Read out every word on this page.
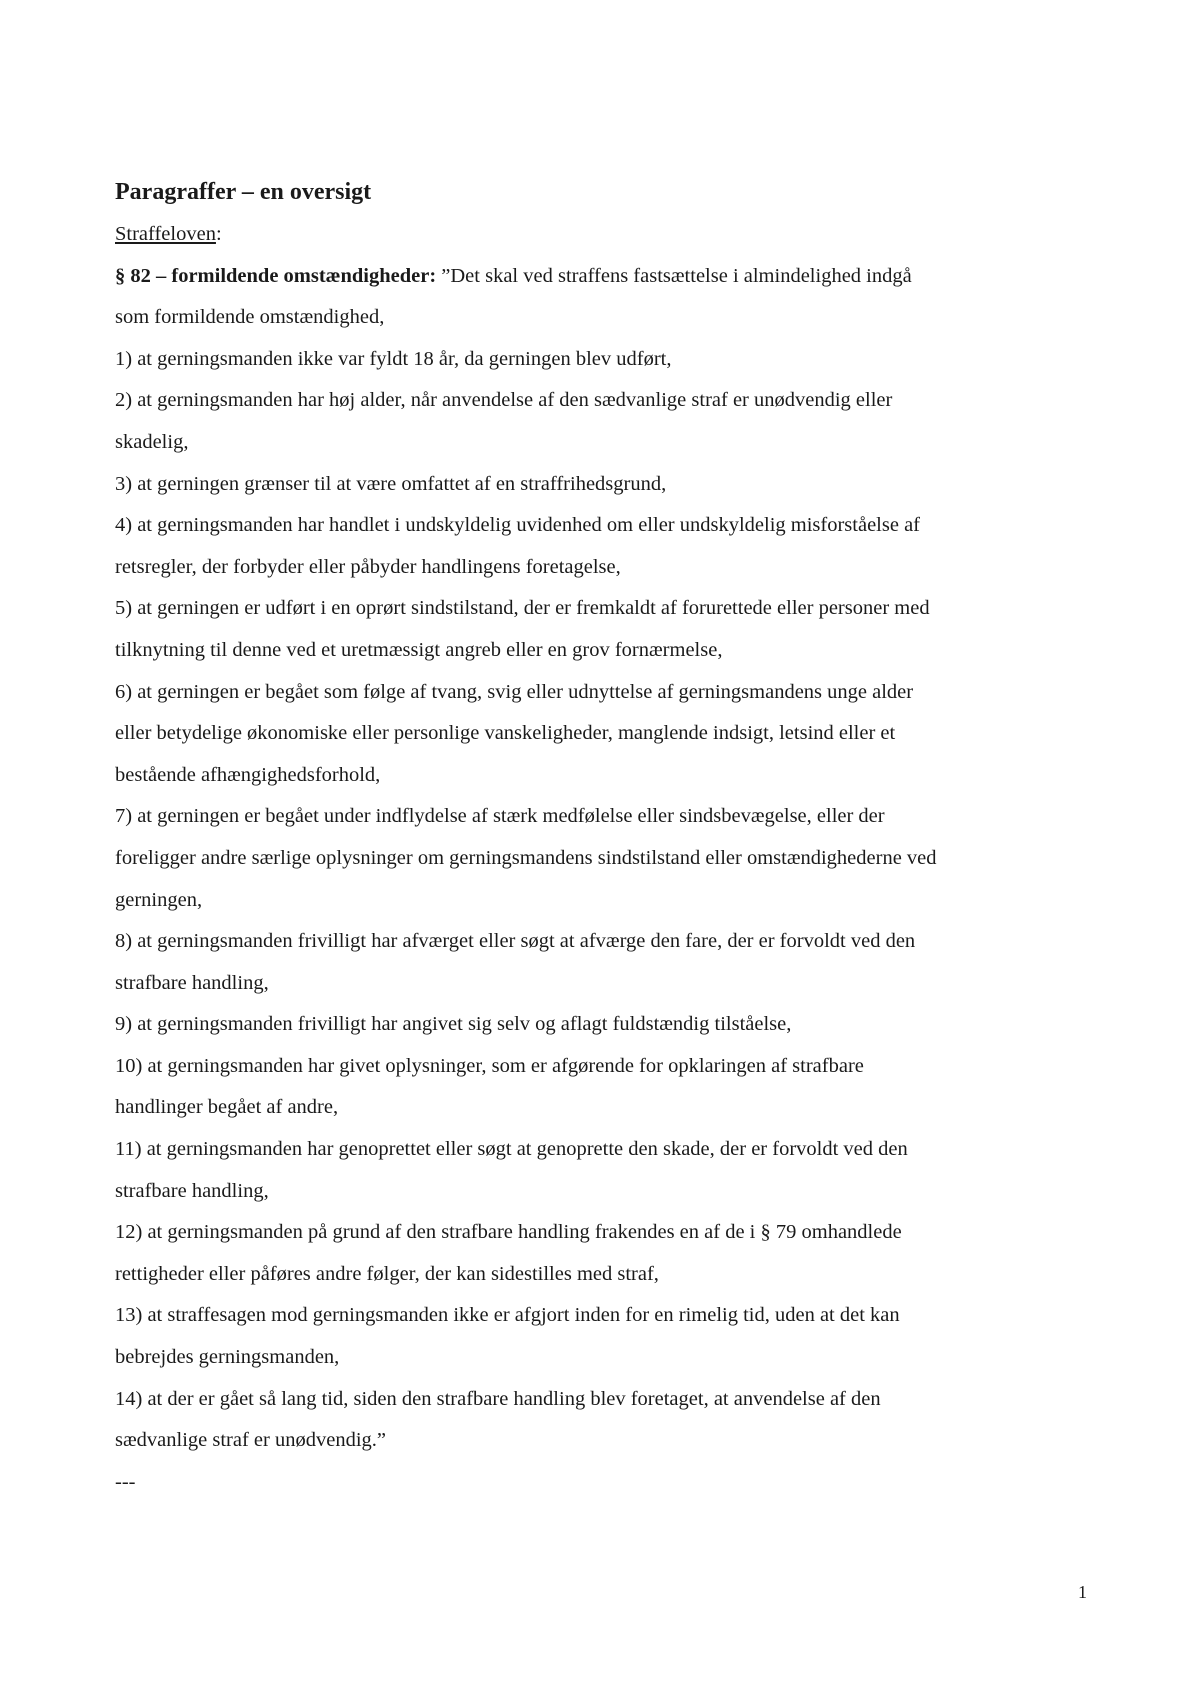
Paragraffer – en oversigt

Straffeloven:

§ 82 – formildende omstændigheder: ”Det skal ved straffens fastsættelse i almindelighed indgå

som formildende omstændighed,

1) at gerningsmanden ikke var fyldt 18 år, da gerningen blev udført,

2) at gerningsmanden har høj alder, når anvendelse af den sædvanlige straf er unødvendig eller

skadelig,

3) at gerningen grænser til at være omfattet af en straffrihedsgrund,

4) at gerningsmanden har handlet i undskyldelig uvidenhed om eller undskyldelig misforståelse af

retsregler, der forbyder eller påbyder handlingens foretagelse,

5) at gerningen er udført i en oprørt sindstilstand, der er fremkaldt af forurettede eller personer med

tilknytning til denne ved et uretmæssigt angreb eller en grov fornærmelse,

6) at gerningen er begået som følge af tvang, svig eller udnyttelse af gerningsmandens unge alder

eller betydelige økonomiske eller personlige vanskeligheder, manglende indsigt, letsind eller et

bestående afhængighedsforhold,

7) at gerningen er begået under indflydelse af stærk medfølelse eller sindsbevægelse, eller der

foreligger andre særlige oplysninger om gerningsmandens sindstilstand eller omstændighederne ved

gerningen,

8) at gerningsmanden frivilligt har afværget eller søgt at afværge den fare, der er forvoldt ved den

strafbare handling,

9) at gerningsmanden frivilligt har angivet sig selv og aflagt fuldstændig tilståelse,

10) at gerningsmanden har givet oplysninger, som er afgørende for opklaringen af strafbare

handlinger begået af andre,

11) at gerningsmanden har genoprettet eller søgt at genoprette den skade, der er forvoldt ved den

strafbare handling,

12) at gerningsmanden på grund af den strafbare handling frakendes en af de i § 79 omhandlede

rettigheder eller påføres andre følger, der kan sidestilles med straf,

13) at straffesagen mod gerningsmanden ikke er afgjort inden for en rimelig tid, uden at det kan

bebrejdes gerningsmanden,

14) at der er gået så lang tid, siden den strafbare handling blev foretaget, at anvendelse af den

sædvanlige straf er unødvendig.”

---

1
